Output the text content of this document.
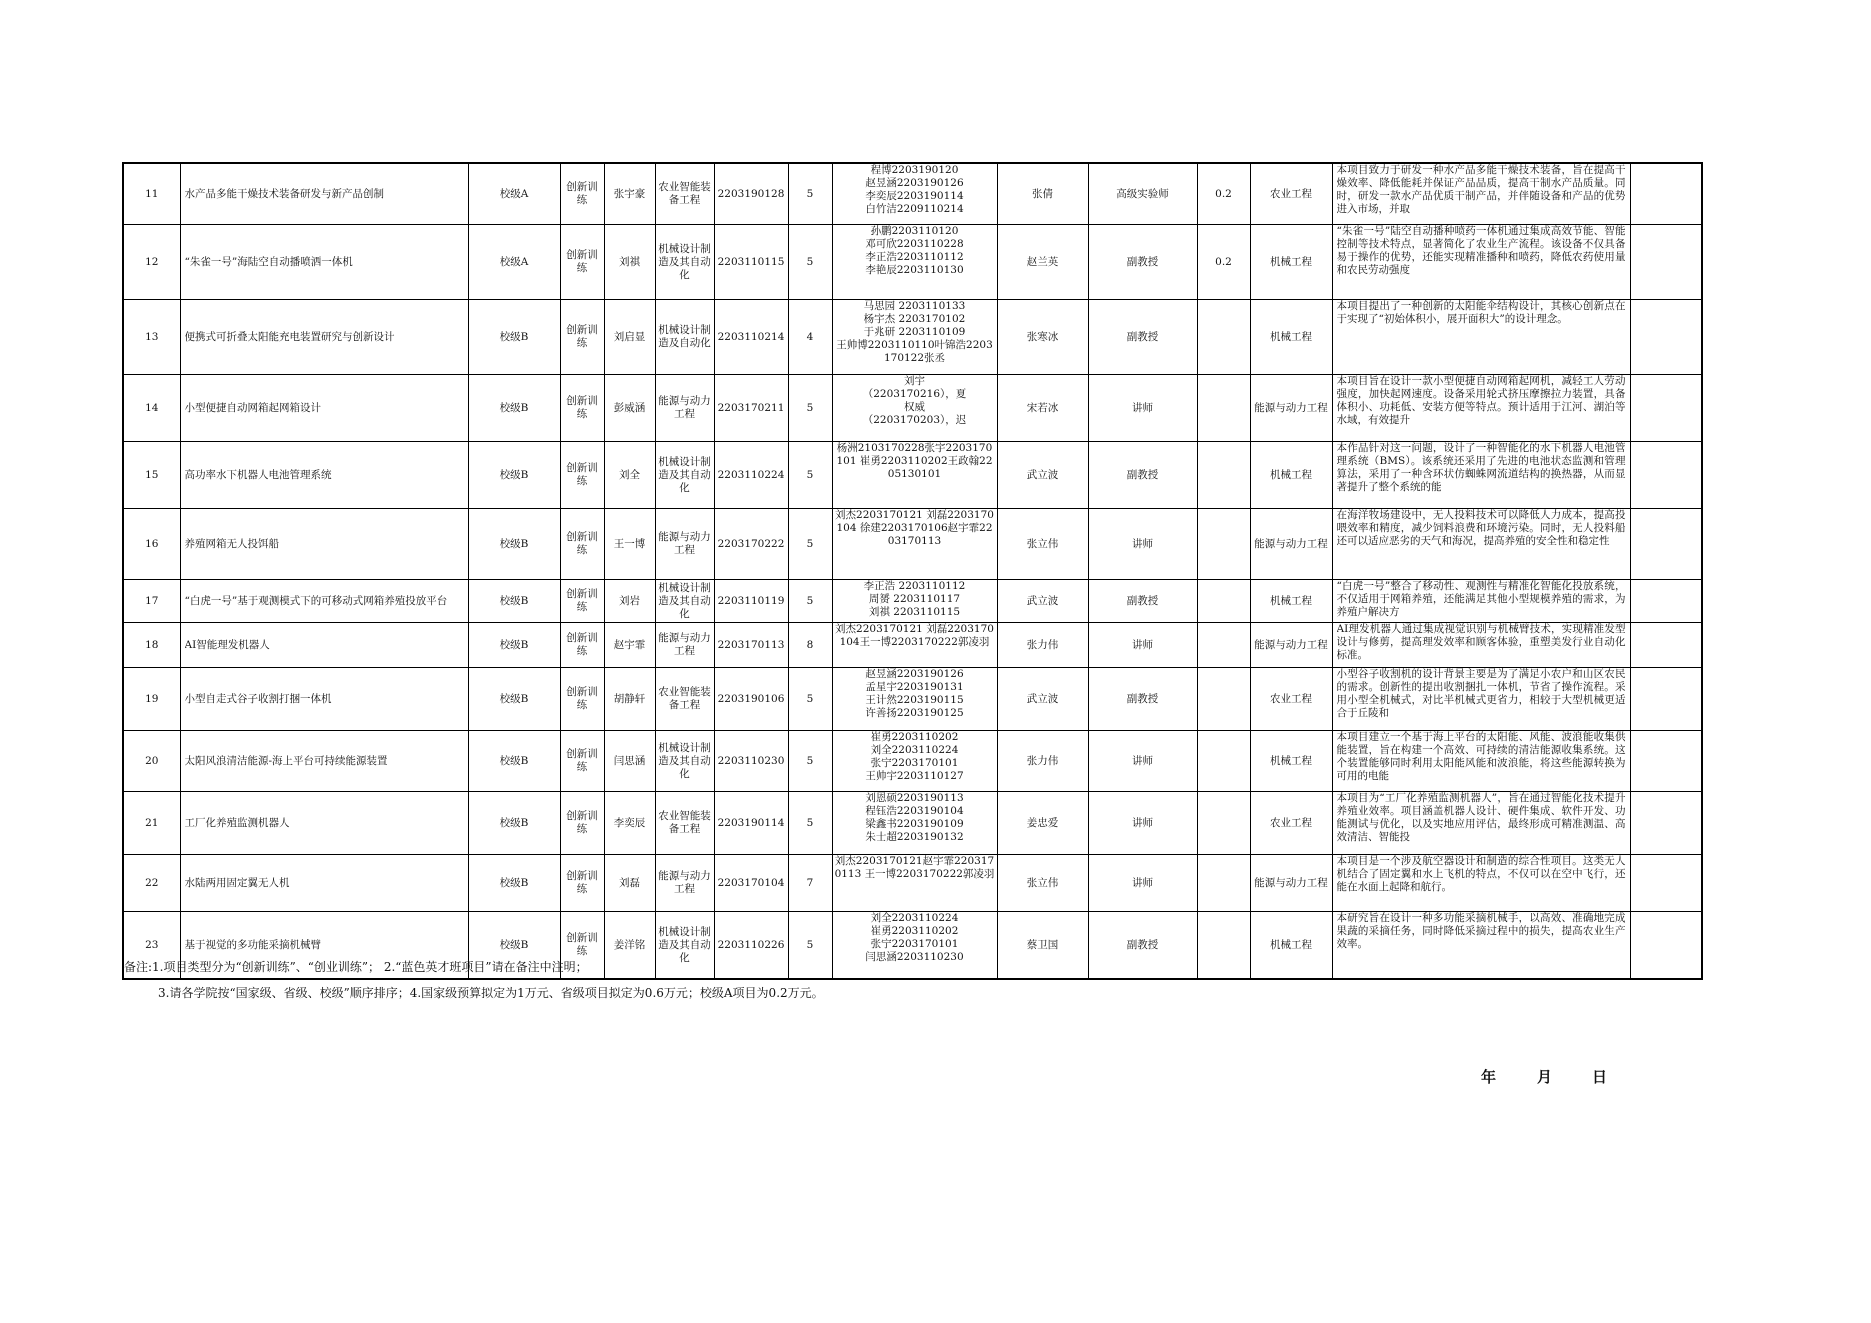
11	水产品多能干燥技术装备研发与新产品创制	校级A	创新训练	张宇豪	农业智能装备工程	2203190128	5	程博2203190120
赵昱涵2203190126
李奕辰2203190114
白竹洁2209110214	张倩	高级实验师	0.2	农业工程	本项目致力于研发一种水产品多能干燥技术装备，旨在提高干燥效率、降低能耗并保证产品品质，提高干制水产品质量。同时，研发一款水产品优质干制产品，并伴随设备和产品的优势进入市场，并取	

12	“朱雀一号”海陆空自动播喷洒一体机	校级A	创新训练	刘祺	机械设计制造及其自动化	2203110115	5	孙鹏2203110120
邓可欣2203110228
李正浩2203110112
李艳辰2203110130	赵兰英	副教授	0.2	机械工程	“朱雀一号”陆空自动播种喷药一体机通过集成高效节能、智能控制等技术特点，显著简化了农业生产流程。该设备不仅具备易于操作的优势，还能实现精准播种和喷药，降低农药使用量和农民劳动强度	

13	便携式可折叠太阳能充电装置研究与创新设计	校级B	创新训练	刘启显	机械设计制造及自动化	2203110214	4	马思园 2203110133
杨宇杰 2203170102
于兆研 2203110109
王帅博2203110110叶锦浩2203170122张丞	张寒冰	副教授		机械工程	本项目提出了一种创新的太阳能伞结构设计，其核心创新点在于实现了“初始体积小，展开面积大”的设计理念。	

14	小型便捷自动网箱起网箱设计	校级B	创新训练	彭威涵	能源与动力工程	2203170211	5	刘宇
（2203170216），夏
权威
（2203170203），迟	宋若冰	讲师		能源与动力工程	本项目旨在设计一款小型便捷自动网箱起网机，减轻工人劳动强度，加快起网速度。设备采用轮式挤压摩擦拉力装置，具备体积小、功耗低、安装方便等特点。预计适用于江河、湖泊等水域，有效提升	

15	高功率水下机器人电池管理系统	校级B	创新训练	刘全	机械设计制造及其自动化	2203110224	5	杨洲2103170228张宇2203170101 崔勇2203110202王政翰2205130101	武立波	副教授		机械工程	本作品针对这一问题，设计了一种智能化的水下机器人电池管理系统（BMS）。该系统还采用了先进的电池状态监测和管理算法，采用了一种含环状仿蜘蛛网流道结构的换热器，从而显著提升了整个系统的能	

16	养殖网箱无人投饵船	校级B	创新训练	王一博	能源与动力工程	2203170222	5	刘杰2203170121 刘磊2203170104 徐建2203170106赵宇霏2203170113	张立伟	讲师		能源与动力工程	在海洋牧场建设中，无人投料技术可以降低人力成本，提高投喂效率和精度，减少饲料浪费和环境污染。同时，无人投料船还可以适应恶劣的天气和海况，提高养殖的安全性和稳定性	

17	“白虎一号”基于观测模式下的可移动式网箱养殖投放平台	校级B	创新训练	刘岩	机械设计制造及其自动化	2203110119	5	李正浩 2203110112
周赟 2203110117
刘祺 2203110115	武立波	副教授		机械工程	“白虎一号”整合了移动性、观测性与精准化智能化投放系统，不仅适用于网箱养殖，还能满足其他小型规模养殖的需求，为养殖户解决方	

18	AI智能理发机器人	校级B	创新训练	赵宇霏	能源与动力工程	2203170113	8	刘杰2203170121 刘磊2203170104王一博2203170222郭凌羽	张力伟	讲师		能源与动力工程	AI理发机器人通过集成视觉识别与机械臂技术，实现精准发型设计与修剪，提高理发效率和顾客体验，重塑美发行业自动化标准。	

19	小型自走式谷子收割打捆一体机	校级B	创新训练	胡静轩	农业智能装备工程	2203190106	5	赵昱涵2203190126
孟星宇2203190131
王计然2203190115
许善扬2203190125	武立波	副教授		农业工程	小型谷子收割机的设计背景主要是为了满足小农户和山区农民的需求。创新性的提出收割捆扎一体机，节省了操作流程。采用小型全机械式，对比半机械式更省力，相较于大型机械更适合于丘陵和	

20	太阳风浪清洁能源-海上平台可持续能源装置	校级B	创新训练	闫思涵	机械设计制造及其自动化	2203110230	5	崔勇2203110202
刘全2203110224
张宁2203170101
王帅宇2203110127	张力伟	讲师		机械工程	本项目建立一个基于海上平台的太阳能、风能、波浪能收集供能装置，旨在构建一个高效、可持续的清洁能源收集系统。这个装置能够同时利用太阳能风能和波浪能，将这些能源转换为可用的电能	

21	工厂化养殖监测机器人	校级B	创新训练	李奕辰	农业智能装备工程	2203190114	5	刘恩硕2203190113
程钰浩2203190104
梁鑫书2203190109
朱士超2203190132	姜忠爱	讲师		农业工程	本项目为“工厂化养殖监测机器人”，旨在通过智能化技术提升养殖业效率。项目涵盖机器人设计、硬件集成、软件开发、功能测试与优化，以及实地应用评估，最终形成可精准测温、高效清洁、智能投	

22	水陆两用固定翼无人机	校级B	创新训练	刘磊	能源与动力工程	2203170104	7	刘杰2203170121赵宇霏2203170113 王一博2203170222郭凌羽	张立伟	讲师		能源与动力工程	本项目是一个涉及航空器设计和制造的综合性项目。这类无人机结合了固定翼和水上飞机的特点，不仅可以在空中飞行，还能在水面上起降和航行。	

23	基于视觉的多功能采摘机械臂	校级B	创新训练	姜洋铭	机械设计制造及其自动化	2203110226	5	刘全2203110224
崔勇2203110202
张宁2203170101
闫思涵2203110230	蔡卫国	副教授		机械工程	本研究旨在设计一种多功能采摘机械手，以高效、准确地完成果蔬的采摘任务，同时降低采摘过程中的损失，提高农业生产效率。	

备注:1.项目类型分为“创新训练”、“创业训练”； 2.“蓝色英才班项目”请在备注中注明；
3.请各学院按“国家级、省级、校级”顺序排序；4.国家级预算拟定为1万元、省级项目拟定为0.6万元；校级A项目为0.2万元。
年	月	日
